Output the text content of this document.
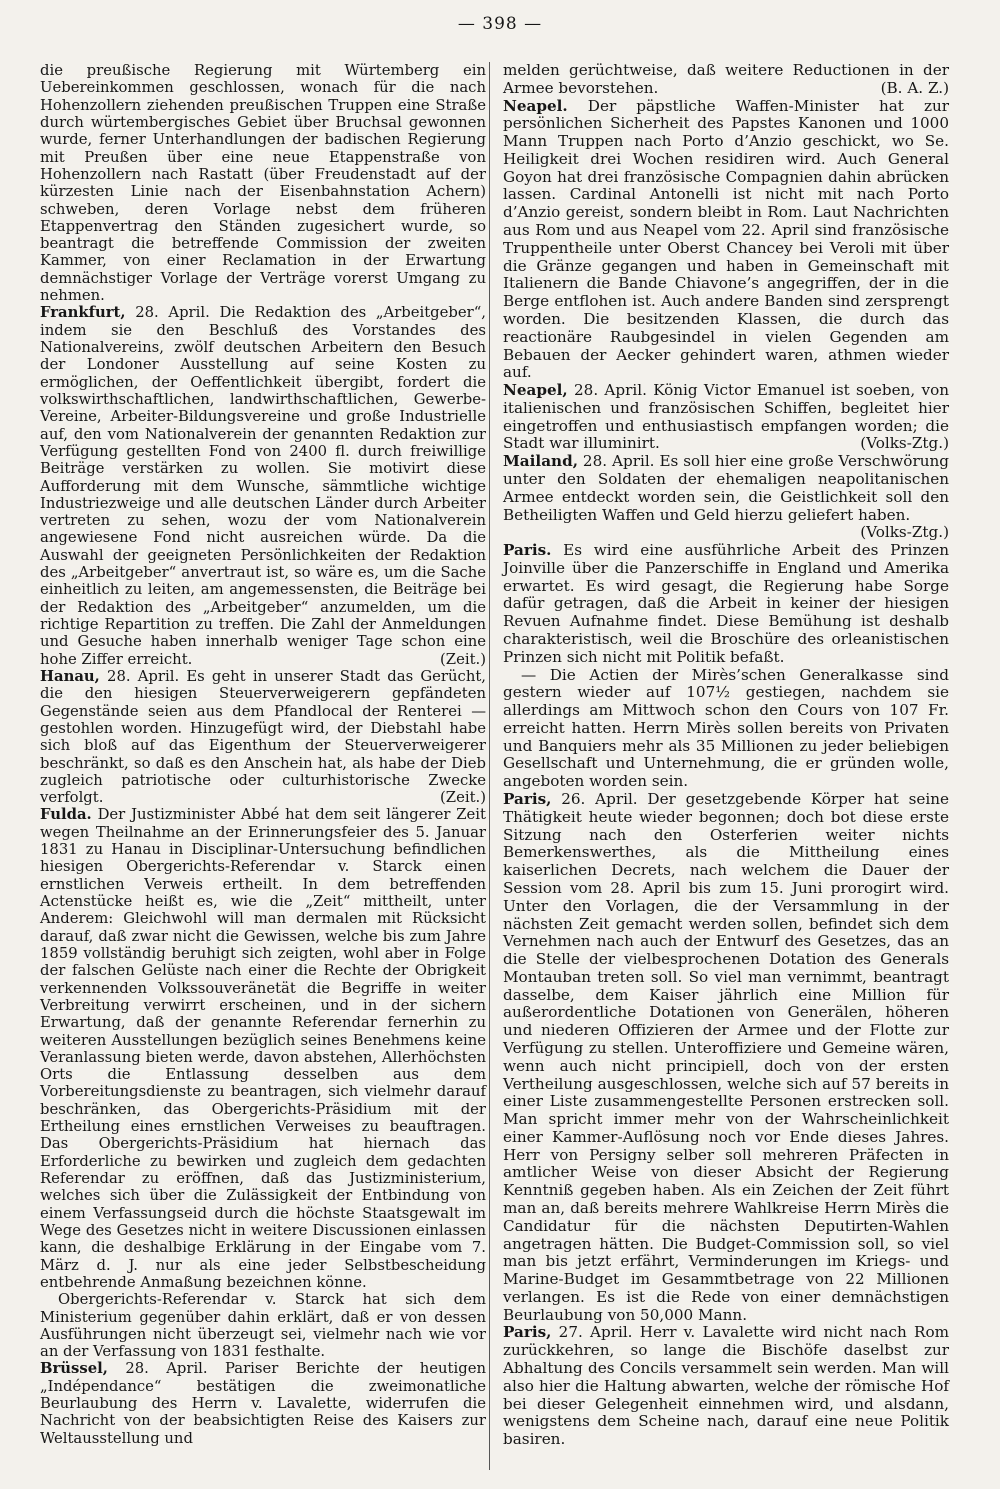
— 398 —

die preußische Regierung mit Würtemberg ein Uebereinkommen geschlossen, wonach für die nach Hohenzollern ziehenden preußischen Truppen eine Straße durch würtembergisches Gebiet über Bruchsal gewonnen wurde, ferner Unterhandlungen der badischen Regierung mit Preußen über eine neue Etappenstraße von Hohenzollern nach Rastatt (über Freudenstadt auf der kürzesten Linie nach der Eisenbahnstation Achern) schweben, deren Vorlage nebst dem früheren Etappenvertrag den Ständen zugesichert wurde, so beantragt die betreffende Commission der zweiten Kammer, von einer Reclamation in der Erwartung demnächstiger Vorlage der Verträge vorerst Umgang zu nehmen.

Frankfurt, 28. April. Die Redaktion des „Arbeitgeber“, indem sie den Beschluß des Vorstandes des Nationalvereins, zwölf deutschen Arbeitern den Besuch der Londoner Ausstellung auf seine Kosten zu ermöglichen, der Oeffentlichkeit übergibt, fordert die volkswirthschaftlichen, landwirthschaftlichen, Gewerbe-Vereine, Arbeiter-Bildungsvereine und große Industrielle auf, den vom Nationalverein der genannten Redaktion zur Verfügung gestellten Fond von 2400 fl. durch freiwillige Beiträge verstärken zu wollen. Sie motivirt diese Aufforderung mit dem Wunsche, sämmtliche wichtige Industriezweige und alle deutschen Länder durch Arbeiter vertreten zu sehen, wozu der vom Nationalverein angewiesene Fond nicht ausreichen würde. Da die Auswahl der geeigneten Persönlichkeiten der Redaktion des „Arbeitgeber“ anvertraut ist, so wäre es, um die Sache einheitlich zu leiten, am angemessensten, die Beiträge bei der Redaktion des „Arbeitgeber“ anzumelden, um die richtige Repartition zu treffen. Die Zahl der Anmeldungen und Gesuche haben innerhalb weniger Tage schon eine hohe Ziffer erreicht.	(Zeit.)

Hanau, 28. April. Es geht in unserer Stadt das Gerücht, die den hiesigen Steuerverweigerern gepfändeten Gegenstände seien aus dem Pfandlocal der Renterei — gestohlen worden. Hinzugefügt wird, der Diebstahl habe sich bloß auf das Eigenthum der Steuerverweigerer beschränkt, so daß es den Anschein hat, als habe der Dieb zugleich patriotische oder culturhistorische Zwecke verfolgt.	(Zeit.)

Fulda. Der Justizminister Abbé hat dem seit längerer Zeit wegen Theilnahme an der Erinnerungsfeier des 5. Januar 1831 zu Hanau in Disciplinar-Untersuchung befindlichen hiesigen Obergerichts-Referendar v. Starck einen ernstlichen Verweis ertheilt. In dem betreffenden Actenstücke heißt es, wie die „Zeit“ mittheilt, unter Anderem: Gleichwohl will man dermalen mit Rücksicht darauf, daß zwar nicht die Gewissen, welche bis zum Jahre 1859 vollständig beruhigt sich zeigten, wohl aber in Folge der falschen Gelüste nach einer die Rechte der Obrigkeit verkennenden Volkssouveränetät die Begriffe in weiter Verbreitung verwirrt erscheinen, und in der sichern Erwartung, daß der genannte Referendar fernerhin zu weiteren Ausstellungen bezüglich seines Benehmens keine Veranlassung bieten werde, davon abstehen, Allerhöchsten Orts die Entlassung desselben aus dem Vorbereitungsdienste zu beantragen, sich vielmehr darauf beschränken, das Obergerichts-Präsidium mit der Ertheilung eines ernstlichen Verweises zu beauftragen. Das Obergerichts-Präsidium hat hiernach das Erforderliche zu bewirken und zugleich dem gedachten Referendar zu eröffnen, daß das Justizministerium, welches sich über die Zulässigkeit der Entbindung von einem Verfassungseid durch die höchste Staatsgewalt im Wege des Gesetzes nicht in weitere Discussionen einlassen kann, die deshalbige Erklärung in der Eingabe vom 7. März d. J. nur als eine jeder Selbstbescheidung entbehrende Anmaßung bezeichnen könne.

Obergerichts-Referendar v. Starck hat sich dem Ministerium gegenüber dahin erklärt, daß er von dessen Ausführungen nicht überzeugt sei, vielmehr nach wie vor an der Verfassung von 1831 festhalte.

Brüssel, 28. April. Pariser Berichte der heutigen „Indépendance“ bestätigen die zweimonatliche Beurlaubung des Herrn v. Lavalette, widerrufen die Nachricht von der beabsichtigten Reise des Kaisers zur Weltausstellung und

melden gerüchtweise, daß weitere Reductionen in der Armee bevorstehen.	(B. A. Z.)

Neapel. Der päpstliche Waffen-Minister hat zur persönlichen Sicherheit des Papstes Kanonen und 1000 Mann Truppen nach Porto d’Anzio geschickt, wo Se. Heiligkeit drei Wochen residiren wird. Auch General Goyon hat drei französische Compagnien dahin abrücken lassen. Cardinal Antonelli ist nicht mit nach Porto d’Anzio gereist, sondern bleibt in Rom. Laut Nachrichten aus Rom und aus Neapel vom 22. April sind französische Truppentheile unter Oberst Chancey bei Veroli mit über die Gränze gegangen und haben in Gemeinschaft mit Italienern die Bande Chiavone’s angegriffen, der in die Berge entflohen ist. Auch andere Banden sind zersprengt worden. Die besitzenden Klassen, die durch das reactionäre Raubgesindel in vielen Gegenden am Bebauen der Aecker gehindert waren, athmen wieder auf.

Neapel, 28. April. König Victor Emanuel ist soeben, von italienischen und französischen Schiffen, begleitet hier eingetroffen und enthusiastisch empfangen worden; die Stadt war illuminirt.	(Volks-Ztg.)

Mailand, 28. April. Es soll hier eine große Verschwörung unter den Soldaten der ehemaligen neapolitanischen Armee entdeckt worden sein, die Geistlichkeit soll den Betheiligten Waffen und Geld hierzu geliefert haben.
(Volks-Ztg.)

Paris. Es wird eine ausführliche Arbeit des Prinzen Joinville über die Panzerschiffe in England und Amerika erwartet. Es wird gesagt, die Regierung habe Sorge dafür getragen, daß die Arbeit in keiner der hiesigen Revuen Aufnahme findet. Diese Bemühung ist deshalb charakteristisch, weil die Broschüre des orleanistischen Prinzen sich nicht mit Politik befaßt.

— Die Actien der Mirès’schen Generalkasse sind gestern wieder auf 107½ gestiegen, nachdem sie allerdings am Mittwoch schon den Cours von 107 Fr. erreicht hatten. Herrn Mirès sollen bereits von Privaten und Banquiers mehr als 35 Millionen zu jeder beliebigen Gesellschaft und Unternehmung, die er gründen wolle, angeboten worden sein.

Paris, 26. April. Der gesetzgebende Körper hat seine Thätigkeit heute wieder begonnen; doch bot diese erste Sitzung nach den Osterferien weiter nichts Bemerkenswerthes, als die Mittheilung eines kaiserlichen Decrets, nach welchem die Dauer der Session vom 28. April bis zum 15. Juni prorogirt wird. Unter den Vorlagen, die der Versammlung in der nächsten Zeit gemacht werden sollen, befindet sich dem Vernehmen nach auch der Entwurf des Gesetzes, das an die Stelle der vielbesprochenen Dotation des Generals Montauban treten soll. So viel man vernimmt, beantragt dasselbe, dem Kaiser jährlich eine Million für außerordentliche Dotationen von Generälen, höheren und niederen Offizieren der Armee und der Flotte zur Verfügung zu stellen. Unteroffiziere und Gemeine wären, wenn auch nicht principiell, doch von der ersten Vertheilung ausgeschlossen, welche sich auf 57 bereits in einer Liste zusammengestellte Personen erstrecken soll. Man spricht immer mehr von der Wahrscheinlichkeit einer Kammer-Auflösung noch vor Ende dieses Jahres. Herr von Persigny selber soll mehreren Präfecten in amtlicher Weise von dieser Absicht der Regierung Kenntniß gegeben haben. Als ein Zeichen der Zeit führt man an, daß bereits mehrere Wahlkreise Herrn Mirès die Candidatur für die nächsten Deputirten-Wahlen angetragen hätten. Die Budget-Commission soll, so viel man bis jetzt erfährt, Verminderungen im Kriegs- und Marine-Budget im Gesammtbetrage von 22 Millionen verlangen. Es ist die Rede von einer demnächstigen Beurlaubung von 50,000 Mann.

Paris, 27. April. Herr v. Lavalette wird nicht nach Rom zurückkehren, so lange die Bischöfe daselbst zur Abhaltung des Concils versammelt sein werden. Man will also hier die Haltung abwarten, welche der römische Hof bei dieser Gelegenheit einnehmen wird, und alsdann, wenigstens dem Scheine nach, darauf eine neue Politik basiren.
